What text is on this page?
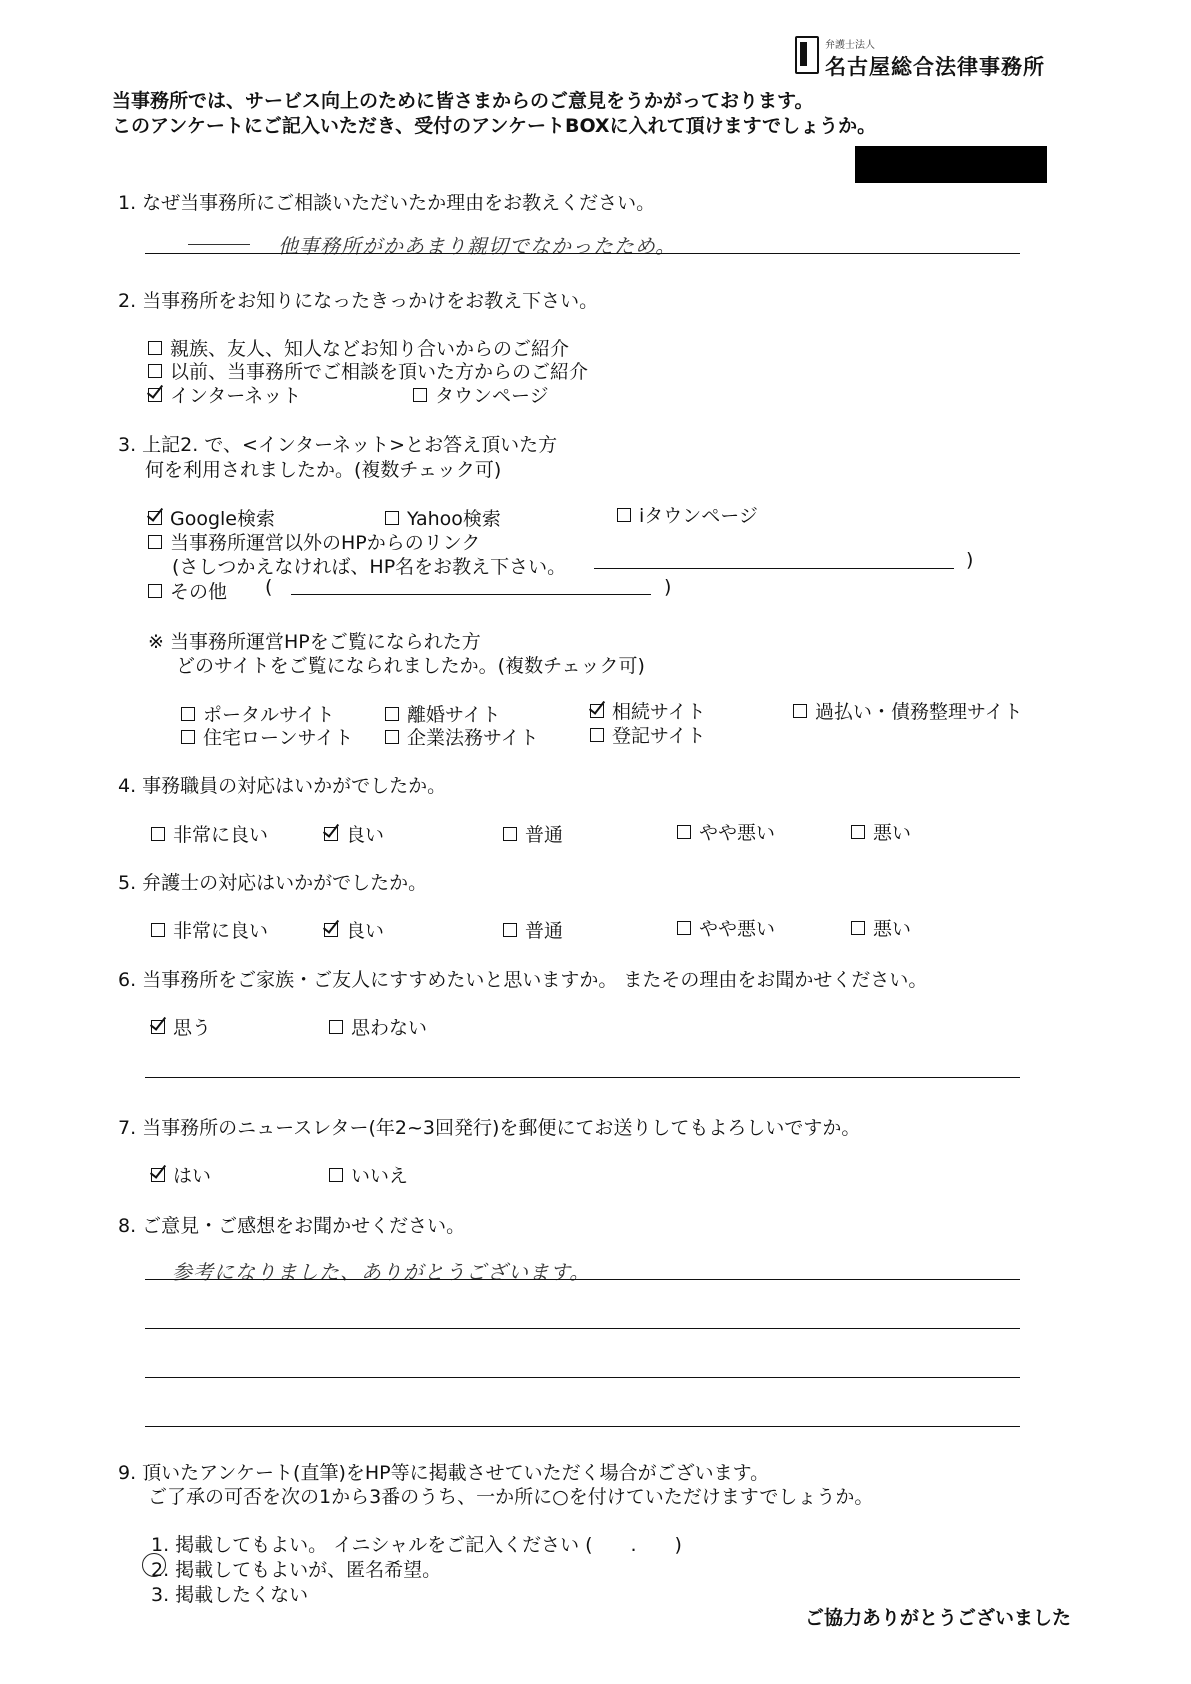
弁護士法人
名古屋総合法律事務所
当事務所では、サービス向上のために皆さまからのご意見をうかがっております。
このアンケートにご記入いただき、受付のアンケートBOXに入れて頂けますでしょうか。
1. なぜ当事務所にご相談いただいたか理由をお教えください。
他事務所がかあまり親切でなかったため。
2. 当事務所をお知りになったきっかけをお教え下さい。
親族、友人、知人などお知り合いからのご紹介
以前、当事務所でご相談を頂いた方からのご紹介
インターネット	タウンページ
3. 上記2. で、<インターネット>とお答え頂いた方
何を利用されましたか。(複数チェック可)
Google検索	Yahoo検索	iタウンページ
当事務所運営以外のHPからのリンク
(さしつかえなければ、HP名をお教え下さい。	)
その他 (	)
※ 当事務所運営HPをご覧になられた方
どのサイトをご覧になられましたか。(複数チェック可)
ポータルサイト	離婚サイト	相続サイト	過払い・債務整理サイト
住宅ローンサイト	企業法務サイト	登記サイト
4. 事務職員の対応はいかがでしたか。
非常に良い	良い	普通	やや悪い	悪い
5. 弁護士の対応はいかがでしたか。
非常に良い	良い	普通	やや悪い	悪い
6. 当事務所をご家族・ご友人にすすめたいと思いますか。 またその理由をお聞かせください。
思う	思わない
7. 当事務所のニュースレター(年2~3回発行)を郵便にてお送りしてもよろしいですか。
はい	いいえ
8. ご意見・ご感想をお聞かせください。
参考になりました、ありがとうございます。
9. 頂いたアンケート(直筆)をHP等に掲載させていただく場合がございます。
ご了承の可否を次の1から3番のうち、一か所に○を付けていただけますでしょうか。
1. 掲載してもよい。 イニシャルをご記入ください (　　.　　)
2. 掲載してもよいが、匿名希望。
3. 掲載したくない
ご協力ありがとうございました
